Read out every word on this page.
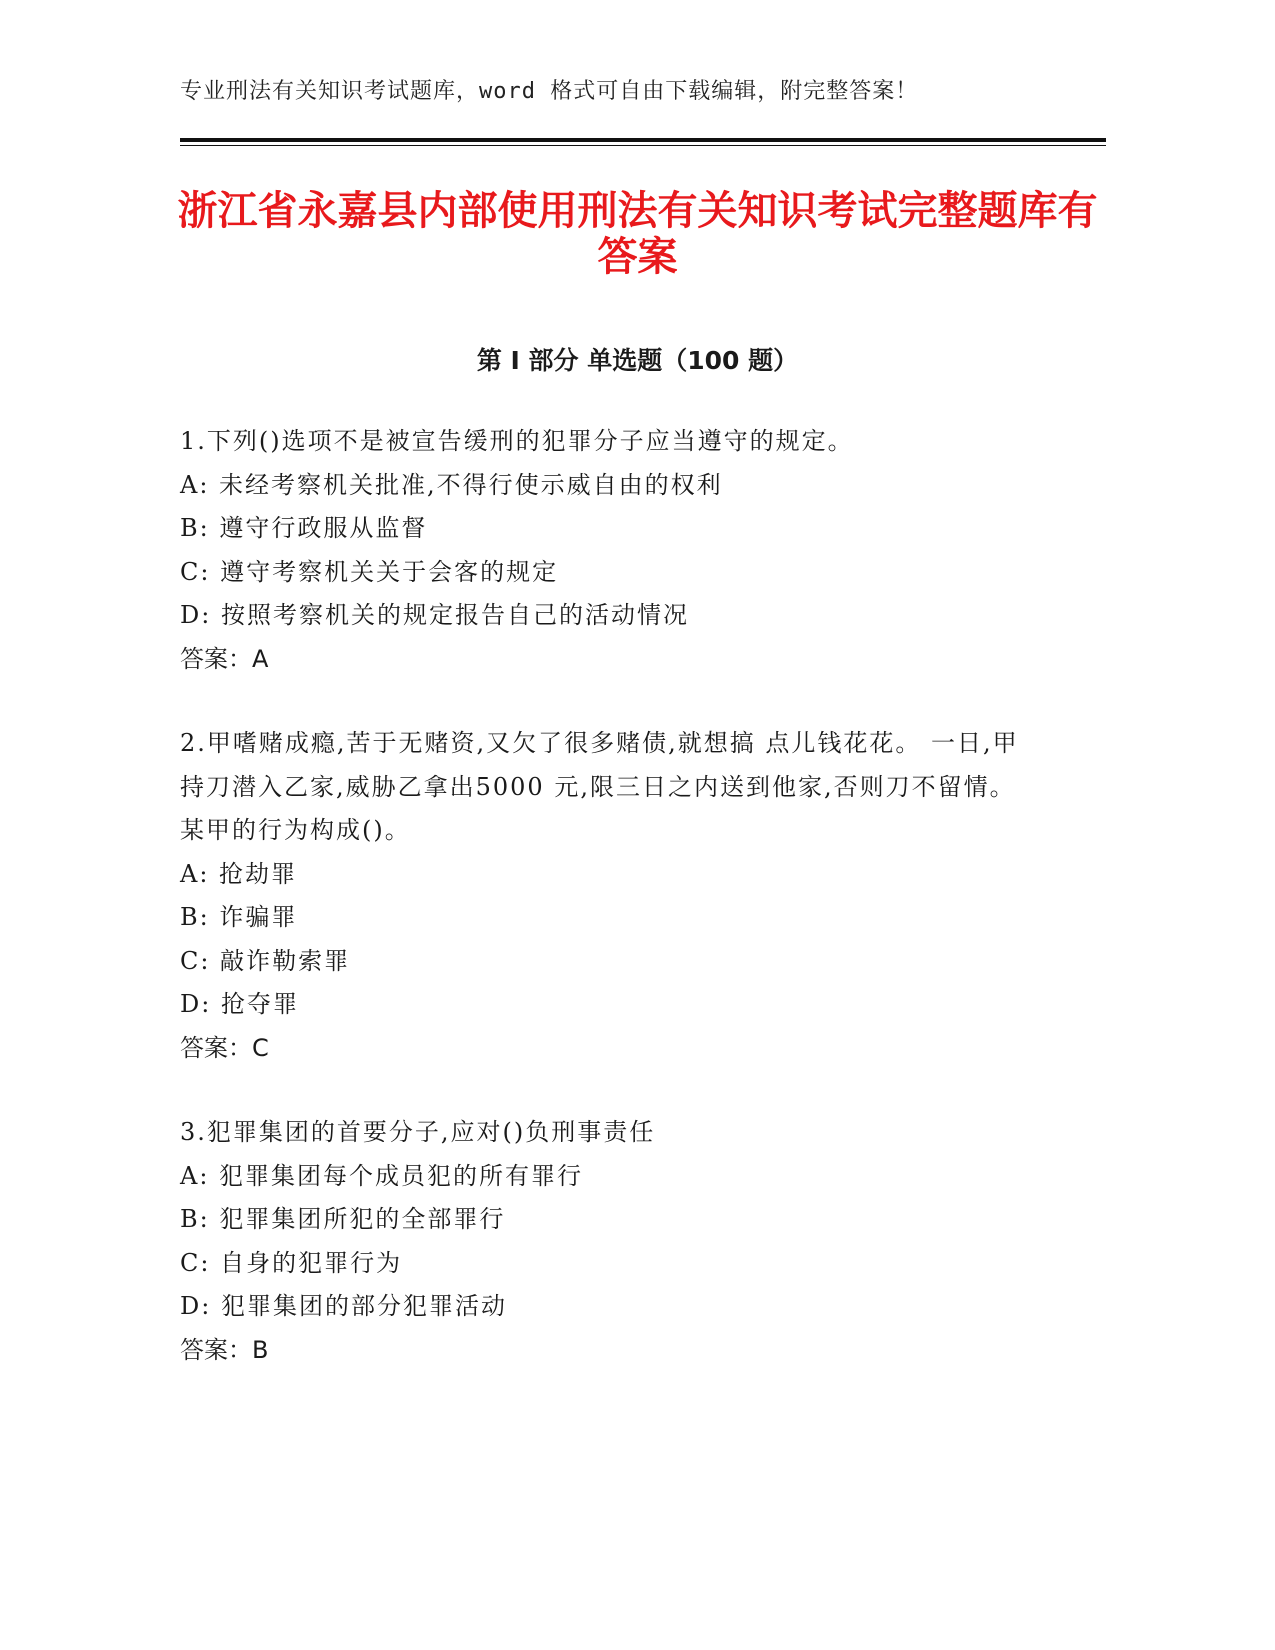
专业刑法有关知识考试题库，word 格式可自由下载编辑，附完整答案！
浙江省永嘉县内部使用刑法有关知识考试完整题库有答案
第 I 部分 单选题（100 题）
1.下列()选项不是被宣告缓刑的犯罪分子应当遵守的规定。
A: 未经考察机关批准,不得行使示威自由的权利
B: 遵守行政服从监督
C: 遵守考察机关关于会客的规定
D: 按照考察机关的规定报告自己的活动情况
答案：A
2.甲嗜赌成瘾,苦于无赌资,又欠了很多赌债,就想搞 点儿钱花花。 一日,甲持刀潜入乙家,威胁乙拿出5000 元,限三日之内送到他家,否则刀不留情。某甲的行为构成()。
A: 抢劫罪
B: 诈骗罪
C: 敲诈勒索罪
D: 抢夺罪
答案：C
3.犯罪集团的首要分子,应对()负刑事责任
A: 犯罪集团每个成员犯的所有罪行
B: 犯罪集团所犯的全部罪行
C: 自身的犯罪行为
D: 犯罪集团的部分犯罪活动
答案：B
